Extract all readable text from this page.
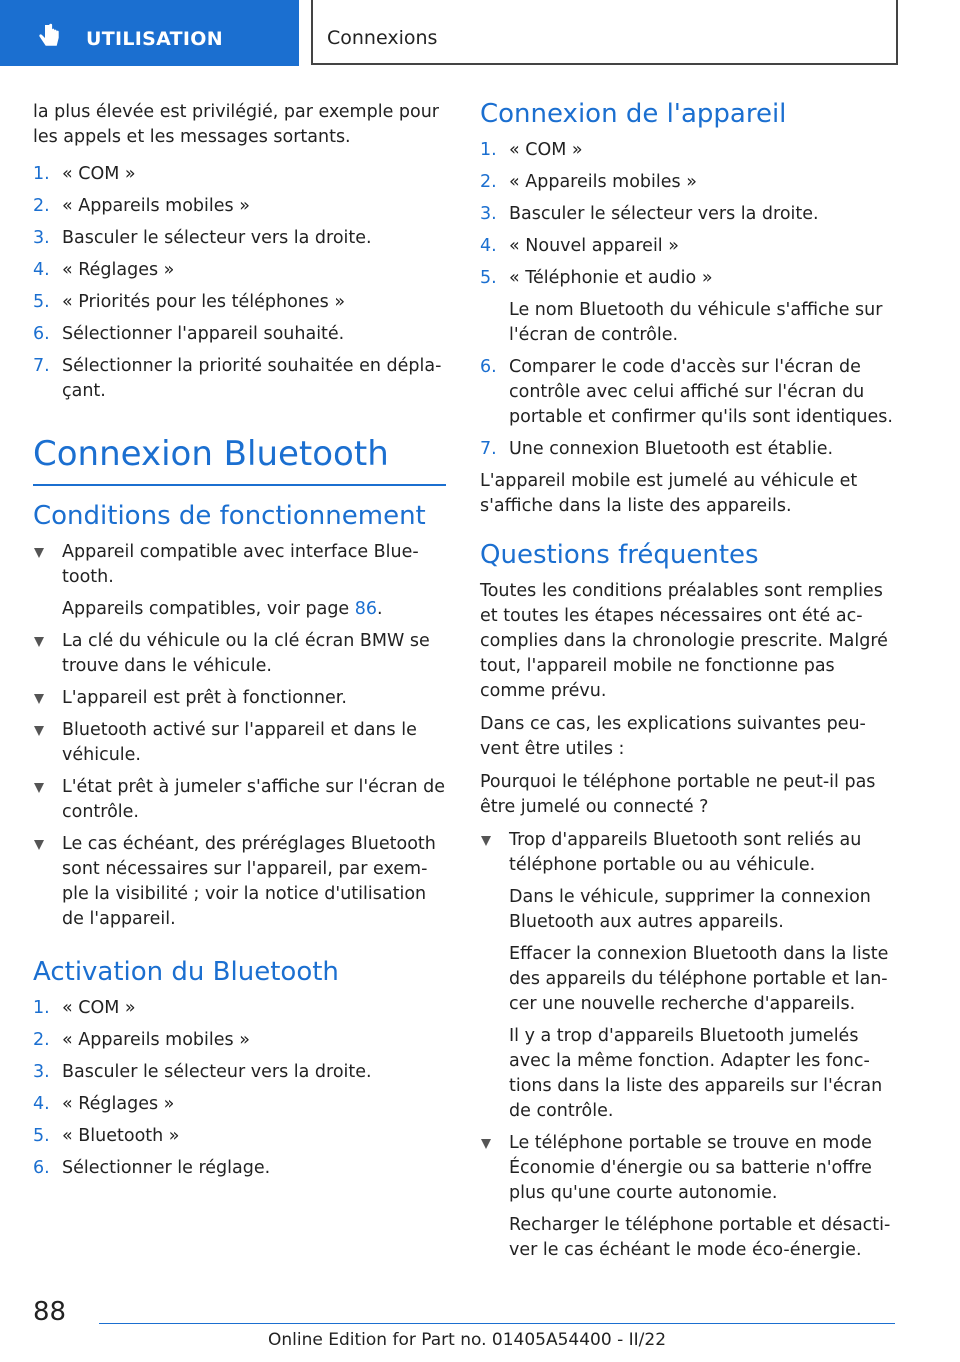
UTILISATION	Connexions

la plus élevée est privilégié, par exemple pour les appels et les messages sortants.

1. « COM »

2. « Appareils mobiles »

3. Basculer le sélecteur vers la droite.

4. « Réglages »

5. « Priorités pour les téléphones »

6. Sélectionner l'appareil souhaité.

7. Sélectionner la priorité souhaitée en dépla-çant.

Connexion Bluetooth
Conditions de fonctionnement

Appareil compatible avec interface Blue-tooth.

Appareils compatibles, voir page 86.

La clé du véhicule ou la clé écran BMW se trouve dans le véhicule.

L'appareil est prêt à fonctionner.

Bluetooth activé sur l'appareil et dans le véhicule.

L'état prêt à jumeler s'affiche sur l'écran de contrôle.

Le cas échéant, des préréglages Bluetooth sont nécessaires sur l'appareil, par exem-ple la visibilité ; voir la notice d'utilisation de l'appareil.

Activation du Bluetooth
1. « COM »

2. « Appareils mobiles »

3. Basculer le sélecteur vers la droite.

4. « Réglages »

5. « Bluetooth »

6. Sélectionner le réglage.

Connexion de l'appareil
1. « COM »

2. « Appareils mobiles »

3. Basculer le sélecteur vers la droite.

4. « Nouvel appareil »

5. « Téléphonie et audio »

Le nom Bluetooth du véhicule s'affiche sur l'écran de contrôle.

6. Comparer le code d'accès sur l'écran de contrôle avec celui affiché sur l'écran du portable et confirmer qu'ils sont identiques.

7. Une connexion Bluetooth est établie.

L'appareil mobile est jumelé au véhicule et s'affiche dans la liste des appareils.

Questions fréquentes

Toutes les conditions préalables sont remplies et toutes les étapes nécessaires ont été ac-complies dans la chronologie prescrite. Malgré tout, l'appareil mobile ne fonctionne pas comme prévu.

Dans ce cas, les explications suivantes peu-vent être utiles :

Pourquoi le téléphone portable ne peut-il pas être jumelé ou connecté ?

Trop d'appareils Bluetooth sont reliés au téléphone portable ou au véhicule.

Dans le véhicule, supprimer la connexion Bluetooth aux autres appareils.

Effacer la connexion Bluetooth dans la liste des appareils du téléphone portable et lan-cer une nouvelle recherche d'appareils.

Il y a trop d'appareils Bluetooth jumelés avec la même fonction. Adapter les fonc-tions dans la liste des appareils sur l'écran de contrôle.

Le téléphone portable se trouve en mode Économie d'énergie ou sa batterie n'offre plus qu'une courte autonomie.

Recharger le téléphone portable et désacti-ver le cas échéant le mode éco-énergie.

88
Online Edition for Part no. 01405A54400 - II/22
